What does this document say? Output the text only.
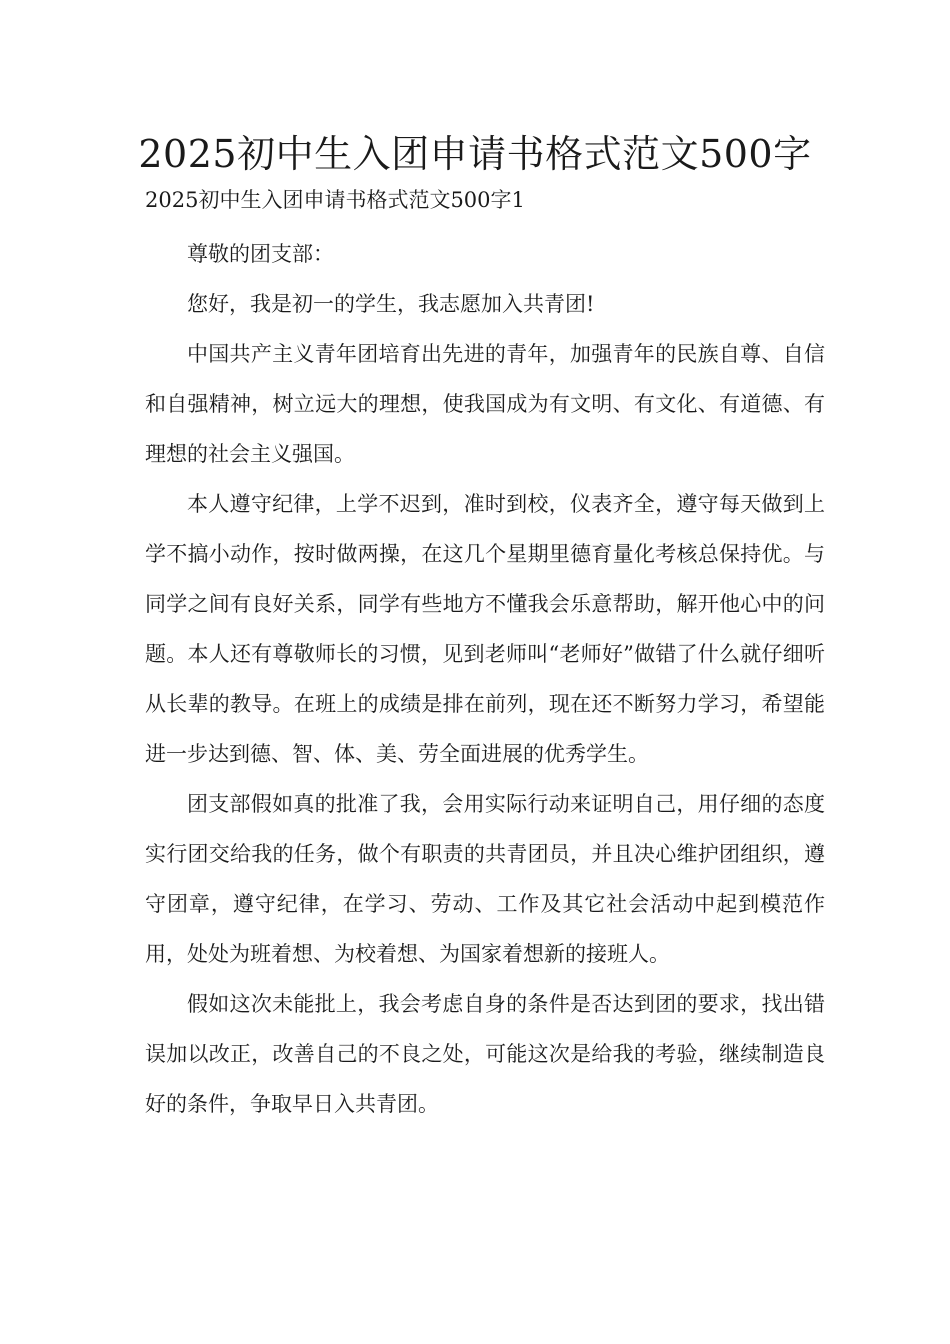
2025初中生入团申请书格式范文500字

2025初中生入团申请书格式范文500字1

尊敬的团支部：

您好，我是初一的学生，我志愿加入共青团!

中国共产主义青年团培育出先进的青年，加强青年的民族自尊、自信和自强精神，树立远大的理想，使我国成为有文明、有文化、有道德、有理想的社会主义强国。

本人遵守纪律，上学不迟到，准时到校，仪表齐全，遵守每天做到上学不搞小动作，按时做两操，在这几个星期里德育量化考核总保持优。与同学之间有良好关系，同学有些地方不懂我会乐意帮助，解开他心中的问题。本人还有尊敬师长的习惯，见到老师叫“老师好”做错了什么就仔细听从长辈的教导。在班上的成绩是排在前列，现在还不断努力学习，希望能进一步达到德、智、体、美、劳全面进展的优秀学生。

团支部假如真的批准了我，会用实际行动来证明自己，用仔细的态度实行团交给我的任务，做个有职责的共青团员，并且决心维护团组织，遵守团章，遵守纪律，在学习、劳动、工作及其它社会活动中起到模范作用，处处为班着想、为校着想、为国家着想新的接班人。

假如这次未能批上，我会考虑自身的条件是否达到团的要求，找出错误加以改正，改善自己的不良之处，可能这次是给我的考验，继续制造良好的条件，争取早日入共青团。
